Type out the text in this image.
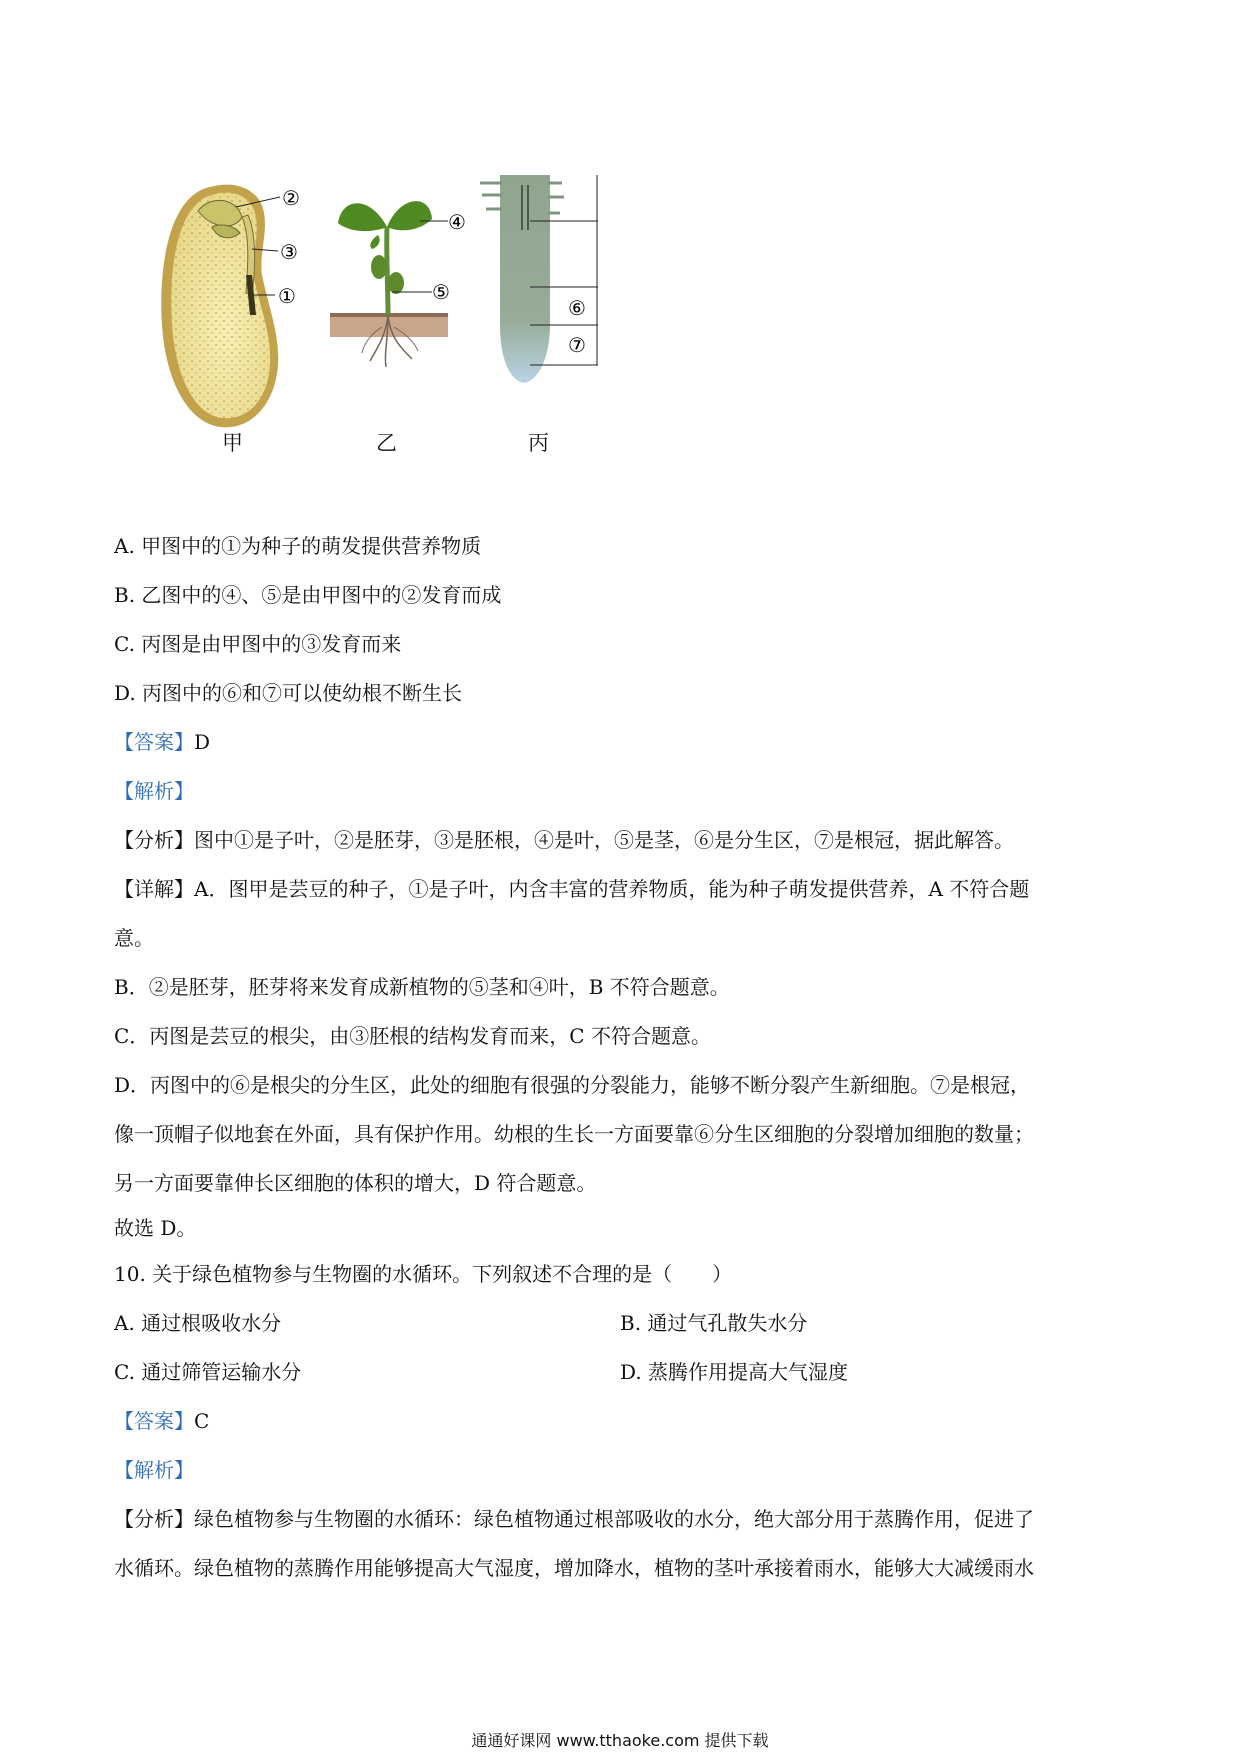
②
③
①
④
⑤
⑥
⑦
甲	乙	丙
A. 甲图中的①为种子的萌发提供营养物质
B. 乙图中的④、⑤是由甲图中的②发育而成
C. 丙图是由甲图中的③发育而来
D. 丙图中的⑥和⑦可以使幼根不断生长
【答案】D
【解析】
【分析】图中①是子叶，②是胚芽，③是胚根，④是叶，⑤是茎，⑥是分生区，⑦是根冠，据此解答。
【详解】A．图甲是芸豆的种子，①是子叶，内含丰富的营养物质，能为种子萌发提供营养，A 不符合题
意。
B．②是胚芽，胚芽将来发育成新植物的⑤茎和④叶，B 不符合题意。
C．丙图是芸豆的根尖，由③胚根的结构发育而来，C 不符合题意。
D．丙图中的⑥是根尖的分生区，此处的细胞有很强的分裂能力，能够不断分裂产生新细胞。⑦是根冠，
像一顶帽子似地套在外面，具有保护作用。幼根的生长一方面要靠⑥分生区细胞的分裂增加细胞的数量；
另一方面要靠伸长区细胞的体积的增大，D 符合题意。
故选 D。
10. 关于绿色植物参与生物圈的水循环。下列叙述不合理的是（　　）
A. 通过根吸收水分	B. 通过气孔散失水分
C. 通过筛管运输水分	D. 蒸腾作用提高大气湿度
【答案】C
【解析】
【分析】绿色植物参与生物圈的水循环：绿色植物通过根部吸收的水分，绝大部分用于蒸腾作用，促进了
水循环。绿色植物的蒸腾作用能够提高大气湿度，增加降水，植物的茎叶承接着雨水，能够大大减缓雨水
通通好课网 www.tthaoke.com 提供下载
